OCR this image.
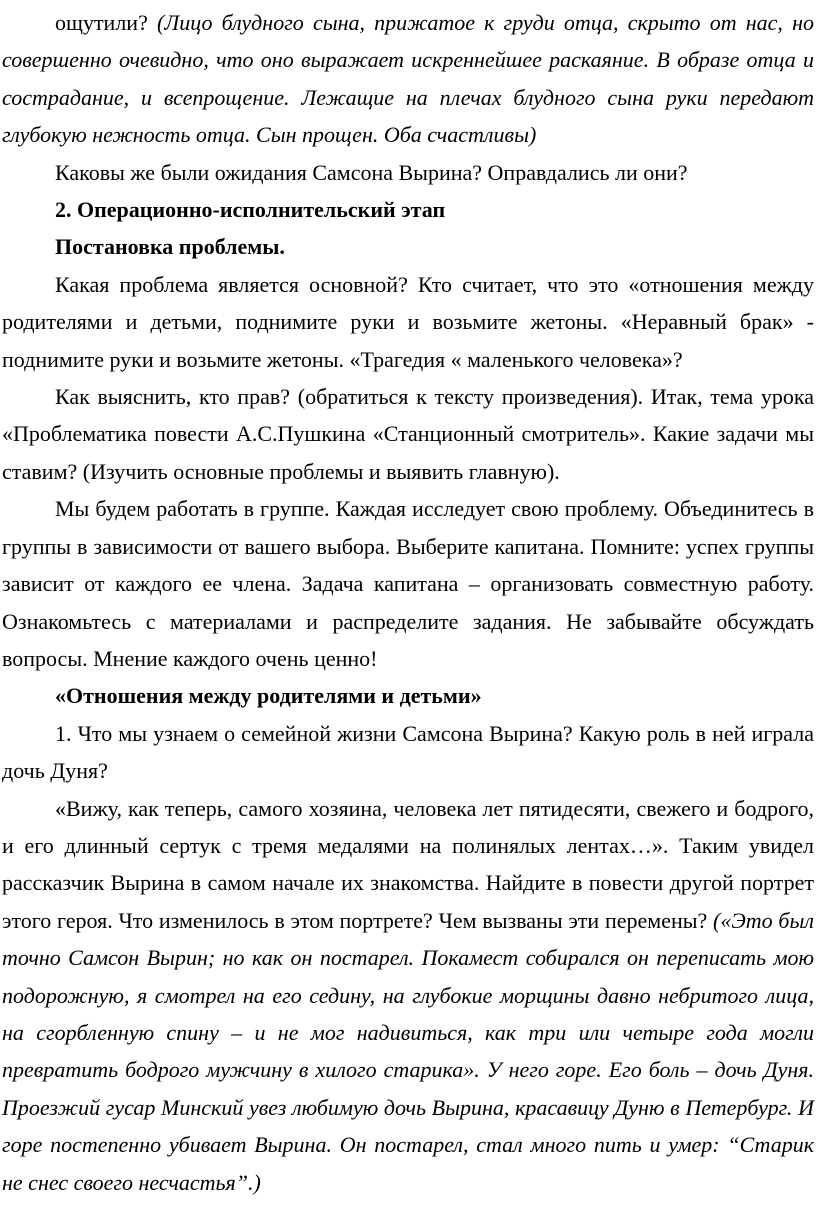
ощутили? (Лицо блудного сына, прижатое к груди отца, скрыто от нас, но совершенно очевидно, что оно выражает искреннейшее раскаяние. В образе отца и сострадание, и всепрощение. Лежащие на плечах блудного сына руки передают глубокую нежность отца. Сын прощен. Оба счастливы)

Каковы же были ожидания Самсона Вырина? Оправдались ли они?

2. Операционно-исполнительский этап

Постановка проблемы.

Какая проблема является основной? Кто считает, что это «отношения между родителями и детьми, поднимите руки и возьмите жетоны. «Неравный брак» - поднимите руки и возьмите жетоны. «Трагедия « маленького человека»?

Как выяснить, кто прав? (обратиться к тексту произведения). Итак, тема урока «Проблематика повести А.С.Пушкина «Станционный смотритель». Какие задачи мы ставим? (Изучить основные проблемы и выявить главную).

Мы будем работать в группе. Каждая исследует свою проблему. Объединитесь в группы в зависимости от вашего выбора. Выберите капитана. Помните: успех группы зависит от каждого ее члена. Задача капитана – организовать совместную работу. Ознакомьтесь с материалами и распределите задания. Не забывайте обсуждать вопросы. Мнение каждого очень ценно!

«Отношения между родителями и детьми»

1. Что мы узнаем о семейной жизни Самсона Вырина? Какую роль в ней играла дочь Дуня?

«Вижу, как теперь, самого хозяина, человека лет пятидесяти, свежего и бодрого, и его длинный сертук с тремя медалями на полинялых лентах…». Таким увидел рассказчик Вырина в самом начале их знакомства. Найдите в повести другой портрет этого героя. Что изменилось в этом портрете? Чем вызваны эти перемены? («Это был точно Самсон Вырин; но как он постарел. Покамест собирался он переписать мою подорожную, я смотрел на его седину, на глубокие морщины давно небритого лица, на сгорбленную спину – и не мог надивиться, как три или четыре года могли превратить бодрого мужчину в хилого старика». У него горе. Его боль – дочь Дуня. Проезжий гусар Минский увез любимую дочь Вырина, красавицу Дуню в Петербург. И горе постепенно убивает Вырина. Он постарел, стал много пить и умер: “Старик не снес своего несчастья”.)
